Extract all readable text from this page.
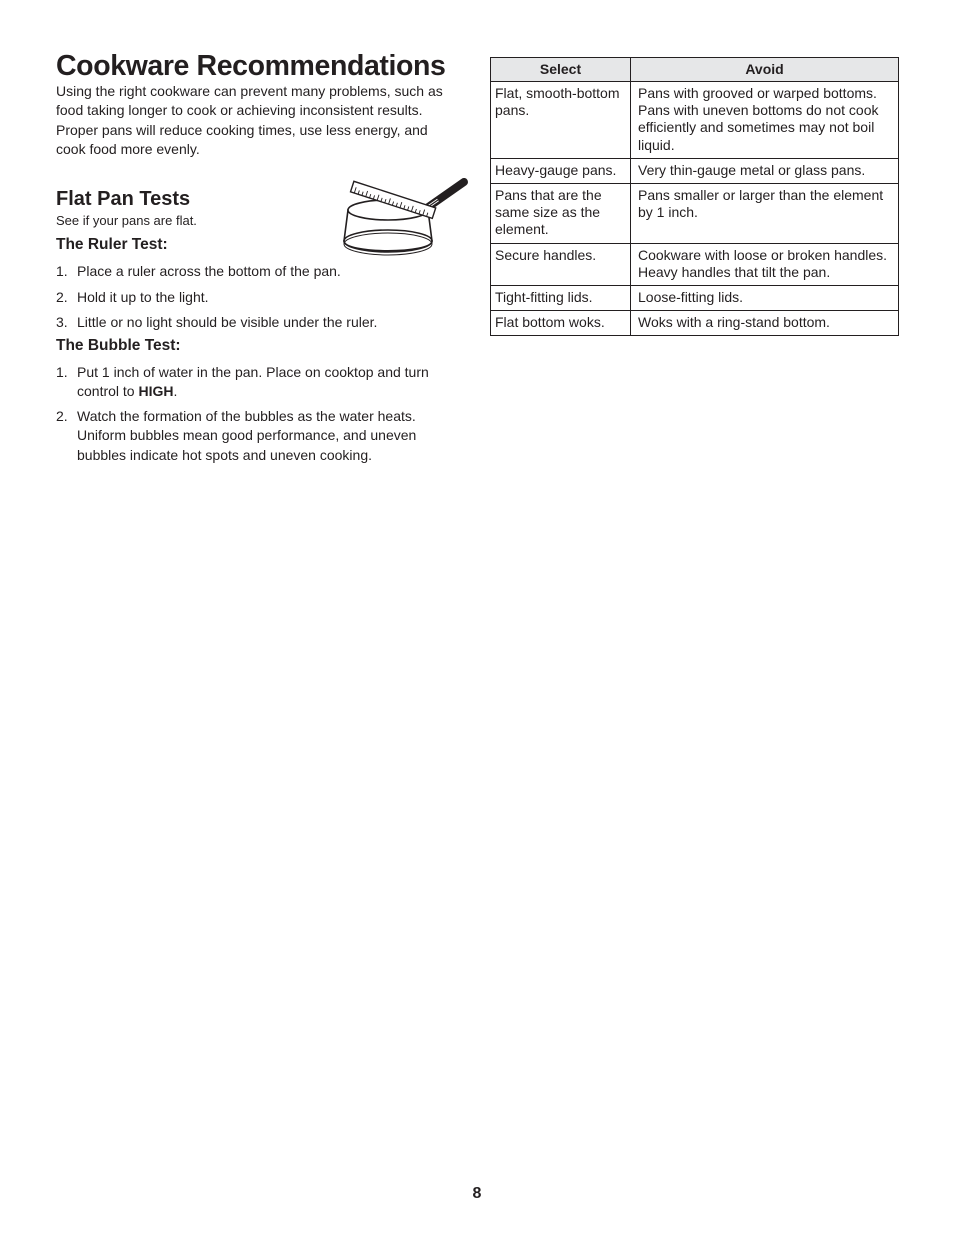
Cookware Recommendations

Using the right cookware can prevent many problems, such as food taking longer to cook or achieving inconsistent results. Proper pans will reduce cooking times, use less energy, and cook food more evenly.

Flat Pan Tests

See if your pans are flat.

The Ruler Test:
1. Place a ruler across the bottom of the pan.
2. Hold it up to the light.
3. Little or no light should be visible under the ruler.
The Bubble Test:
1. Put 1 inch of water in the pan. Place on cooktop and turn control to HIGH.
2. Watch the formation of the bubbles as the water heats. Uniform bubbles mean good performance, and uneven bubbles indicate hot spots and uneven cooking.
Select	Avoid
Flat, smooth-bottom pans.	Pans with grooved or warped bottoms. Pans with uneven bottoms do not cook efficiently and sometimes may not boil liquid.
Heavy-gauge pans.	Very thin-gauge metal or glass pans.
Pans that are the same size as the element.	Pans smaller or larger than the element by 1 inch.
Secure handles.	Cookware with loose or broken handles. Heavy handles that tilt the pan.
Tight-fitting lids.	Loose-fitting lids.
Flat bottom woks.	Woks with a ring-stand bottom.
8
